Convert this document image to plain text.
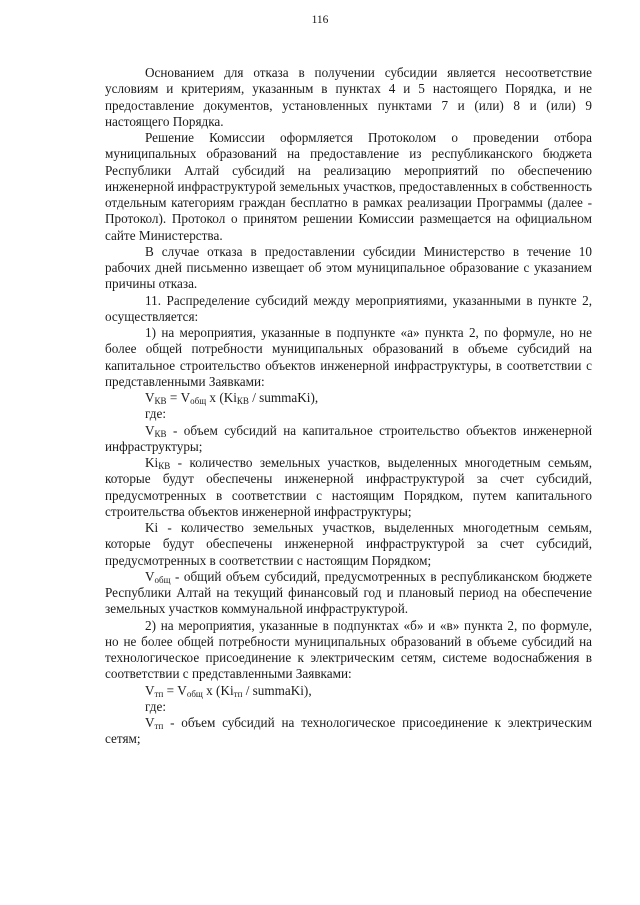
116

Основанием для отказа в получении субсидии является несоответствие условиям и критериям, указанным в пунктах 4 и 5 настоящего Порядка, и не предоставление документов, установленных пунктами 7 и (или) 8 и (или) 9 настоящего Порядка.

Решение Комиссии оформляется Протоколом о проведении отбора муниципальных образований на предоставление из республиканского бюджета Республики Алтай субсидий на реализацию мероприятий по обеспечению инженерной инфраструктурой земельных участков, предоставленных в собственность отдельным категориям граждан бесплатно в рамках реализации Программы (далее - Протокол). Протокол о принятом решении Комиссии размещается на официальном сайте Министерства.

В случае отказа в предоставлении субсидии Министерство в течение 10 рабочих дней письменно извещает об этом муниципальное образование с указанием причины отказа.

11. Распределение субсидий между мероприятиями, указанными в пункте 2, осуществляется:

1) на мероприятия, указанные в подпункте «а» пункта 2, по формуле, но не более общей потребности муниципальных образований в объеме субсидий на капитальное строительство объектов инженерной инфраструктуры, в соответствии с представленными Заявками:

$V_{КВ} = V_{общ}$ x ($Ki_{КВ}$ / summaKi),

где:

$V_{КВ}$ - объем субсидий на капитальное строительство объектов инженерной инфраструктуры;

$Ki_{КВ}$ - количество земельных участков, выделенных многодетным семьям, которые будут обеспечены инженерной инфраструктурой за счет субсидий, предусмотренных в соответствии с настоящим Порядком, путем капитального строительства объектов инженерной инфраструктуры;

Ki - количество земельных участков, выделенных многодетным семьям, которые будут обеспечены инженерной инфраструктурой за счет субсидий, предусмотренных в соответствии с настоящим Порядком;

$V_{общ}$ - общий объем субсидий, предусмотренных в республиканском бюджете Республики Алтай на текущий финансовый год и плановый период на обеспечение земельных участков коммунальной инфраструктурой.

2) на мероприятия, указанные в подпунктах «б» и «в» пункта 2, по формуле, но не более общей потребности муниципальных образований в объеме субсидий на технологическое присоединение к электрическим сетям, системе водоснабжения в соответствии с представленными Заявками:

$V_{тп} = V_{общ}$ x ($Ki_{тп}$ / summaKi),

где:

$V_{тп}$ - объем субсидий на технологическое присоединение к электрическим сетям;
